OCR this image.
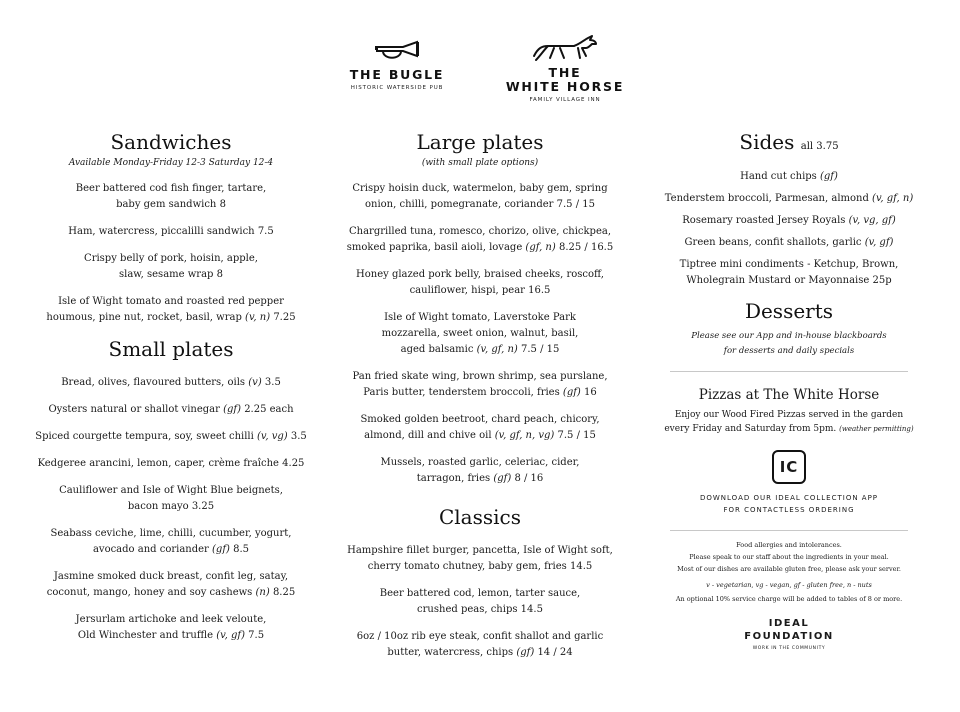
THE BUGLE
HISTORIC WATERSIDE PUB
THE
WHITE HORSE
FAMILY VILLAGE INN
Sandwiches
Available Monday-Friday 12-3 Saturday 12-4
Beer battered cod fish finger, tartare,
baby gem sandwich 8
Ham, watercress, piccalilli sandwich 7.5
Crispy belly of pork, hoisin, apple,
slaw, sesame wrap 8
Isle of Wight tomato and roasted red pepper
houmous, pine nut, rocket, basil, wrap (v, n) 7.25
Small plates
Bread, olives, flavoured butters, oils (v) 3.5
Oysters natural or shallot vinegar (gf) 2.25 each
Spiced courgette tempura, soy, sweet chilli (v, vg) 3.5
Kedgeree arancini, lemon, caper, crème fraîche 4.25
Cauliflower and Isle of Wight Blue beignets,
bacon mayo 3.25
Seabass ceviche, lime, chilli, cucumber, yogurt,
avocado and coriander (gf) 8.5
Jasmine smoked duck breast, confit leg, satay,
coconut, mango, honey and soy cashews (n) 8.25
Jersurlam artichoke and leek veloute,
Old Winchester and truffle (v, gf) 7.5
Large plates
(with small plate options)
Crispy hoisin duck, watermelon, baby gem, spring
onion, chilli, pomegranate, coriander 7.5 / 15
Chargrilled tuna, romesco, chorizo, olive, chickpea,
smoked paprika, basil aioli, lovage (gf, n) 8.25 / 16.5
Honey glazed pork belly, braised cheeks, roscoff,
cauliflower, hispi, pear 16.5
Isle of Wight tomato, Laverstoke Park
mozzarella, sweet onion, walnut, basil,
aged balsamic (v, gf, n) 7.5 / 15
Pan fried skate wing, brown shrimp, sea purslane,
Paris butter, tenderstem broccoli, fries (gf) 16
Smoked golden beetroot, chard peach, chicory,
almond, dill and chive oil (v, gf, n, vg) 7.5 / 15
Mussels, roasted garlic, celeriac, cider,
tarragon, fries (gf) 8 / 16
Classics
Hampshire fillet burger, pancetta, Isle of Wight soft,
cherry tomato chutney, baby gem, fries 14.5
Beer battered cod, lemon, tarter sauce,
crushed peas, chips 14.5
6oz / 10oz rib eye steak, confit shallot and garlic
butter, watercress, chips (gf) 14 / 24
Sides all 3.75
Hand cut chips (gf)
Tenderstem broccoli, Parmesan, almond (v, gf, n)
Rosemary roasted Jersey Royals (v, vg, gf)
Green beans, confit shallots, garlic (v, gf)
Tiptree mini condiments - Ketchup, Brown,
Wholegrain Mustard or Mayonnaise 25p
Desserts
Please see our App and in-house blackboards
for desserts and daily specials
Pizzas at The White Horse
Enjoy our Wood Fired Pizzas served in the garden
every Friday and Saturday from 5pm. (weather permitting)
IC
DOWNLOAD OUR IDEAL COLLECTION APP
FOR CONTACTLESS ORDERING
Food allergies and intolerances.
Please speak to our staff about the ingredients in your meal.
Most of our dishes are available gluten free, please ask your server.
v - vegetarian, vg - vegan, gf - gluten free, n - nuts
An optional 10% service charge will be added to tables of 8 or more.
IDEAL
FOUNDATION
WORK IN THE COMMUNITY
